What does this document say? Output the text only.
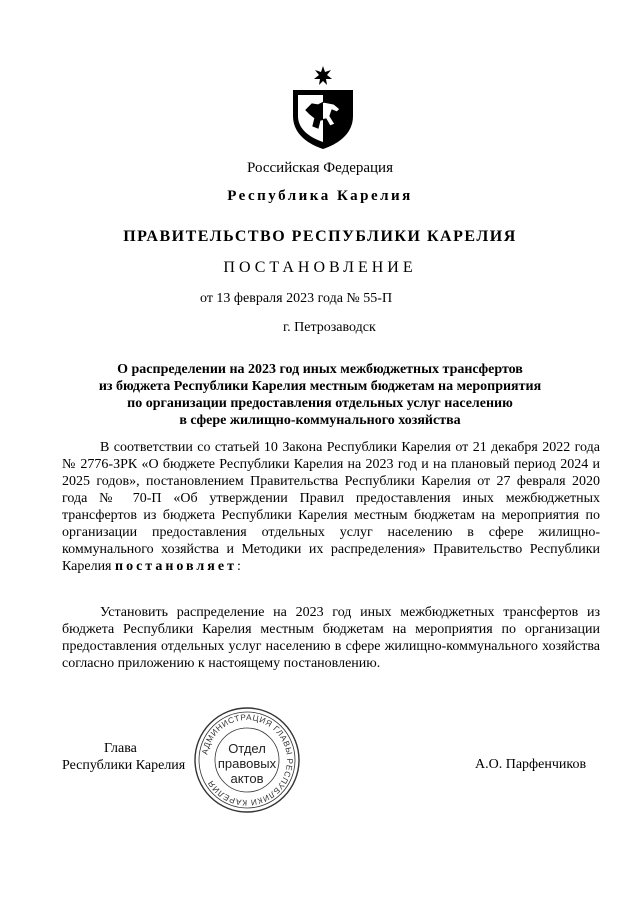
Российская Федерация
Республика Карелия
ПРАВИТЕЛЬСТВО РЕСПУБЛИКИ КАРЕЛИЯ
ПОСТАНОВЛЕНИЕ
от 13 февраля 2023 года № 55-П
г. Петрозаводск
О распределении на 2023 год иных межбюджетных трансфертов
из бюджета Республики Карелия местным бюджетам на мероприятия
по организации предоставления отдельных услуг населению
в сфере жилищно-коммунального хозяйства
В соответствии со статьей 10 Закона Республики Карелия от 21 декабря 2022 года № 2776-ЗРК «О бюджете Республики Карелия на 2023 год и на плановый период 2024 и 2025 годов», постановлением Правительства Республики Карелия от 27 февраля 2020 года № 70-П «Об утверждении Правил предоставления иных межбюджетных трансфертов из бюджета Республики Карелия местным бюджетам на мероприятия по организации предоставления отдельных услуг населению в сфере жилищно-коммунального хозяйства и Методики их распределения» Правительство Республики Карелия постановляет:
Установить распределение на 2023 год иных межбюджетных трансфертов из бюджета Республики Карелия местным бюджетам на мероприятия по организации предоставления отдельных услуг населению в сфере жилищно-коммунального хозяйства согласно приложению к настоящему постановлению.
Глава
Республики Карелия
АДМИНИСТРАЦИЯ ГЛАВЫ РЕСПУБЛИКИ КАРЕЛИЯ
Отдел
правовых
актов
А.О. Парфенчиков
